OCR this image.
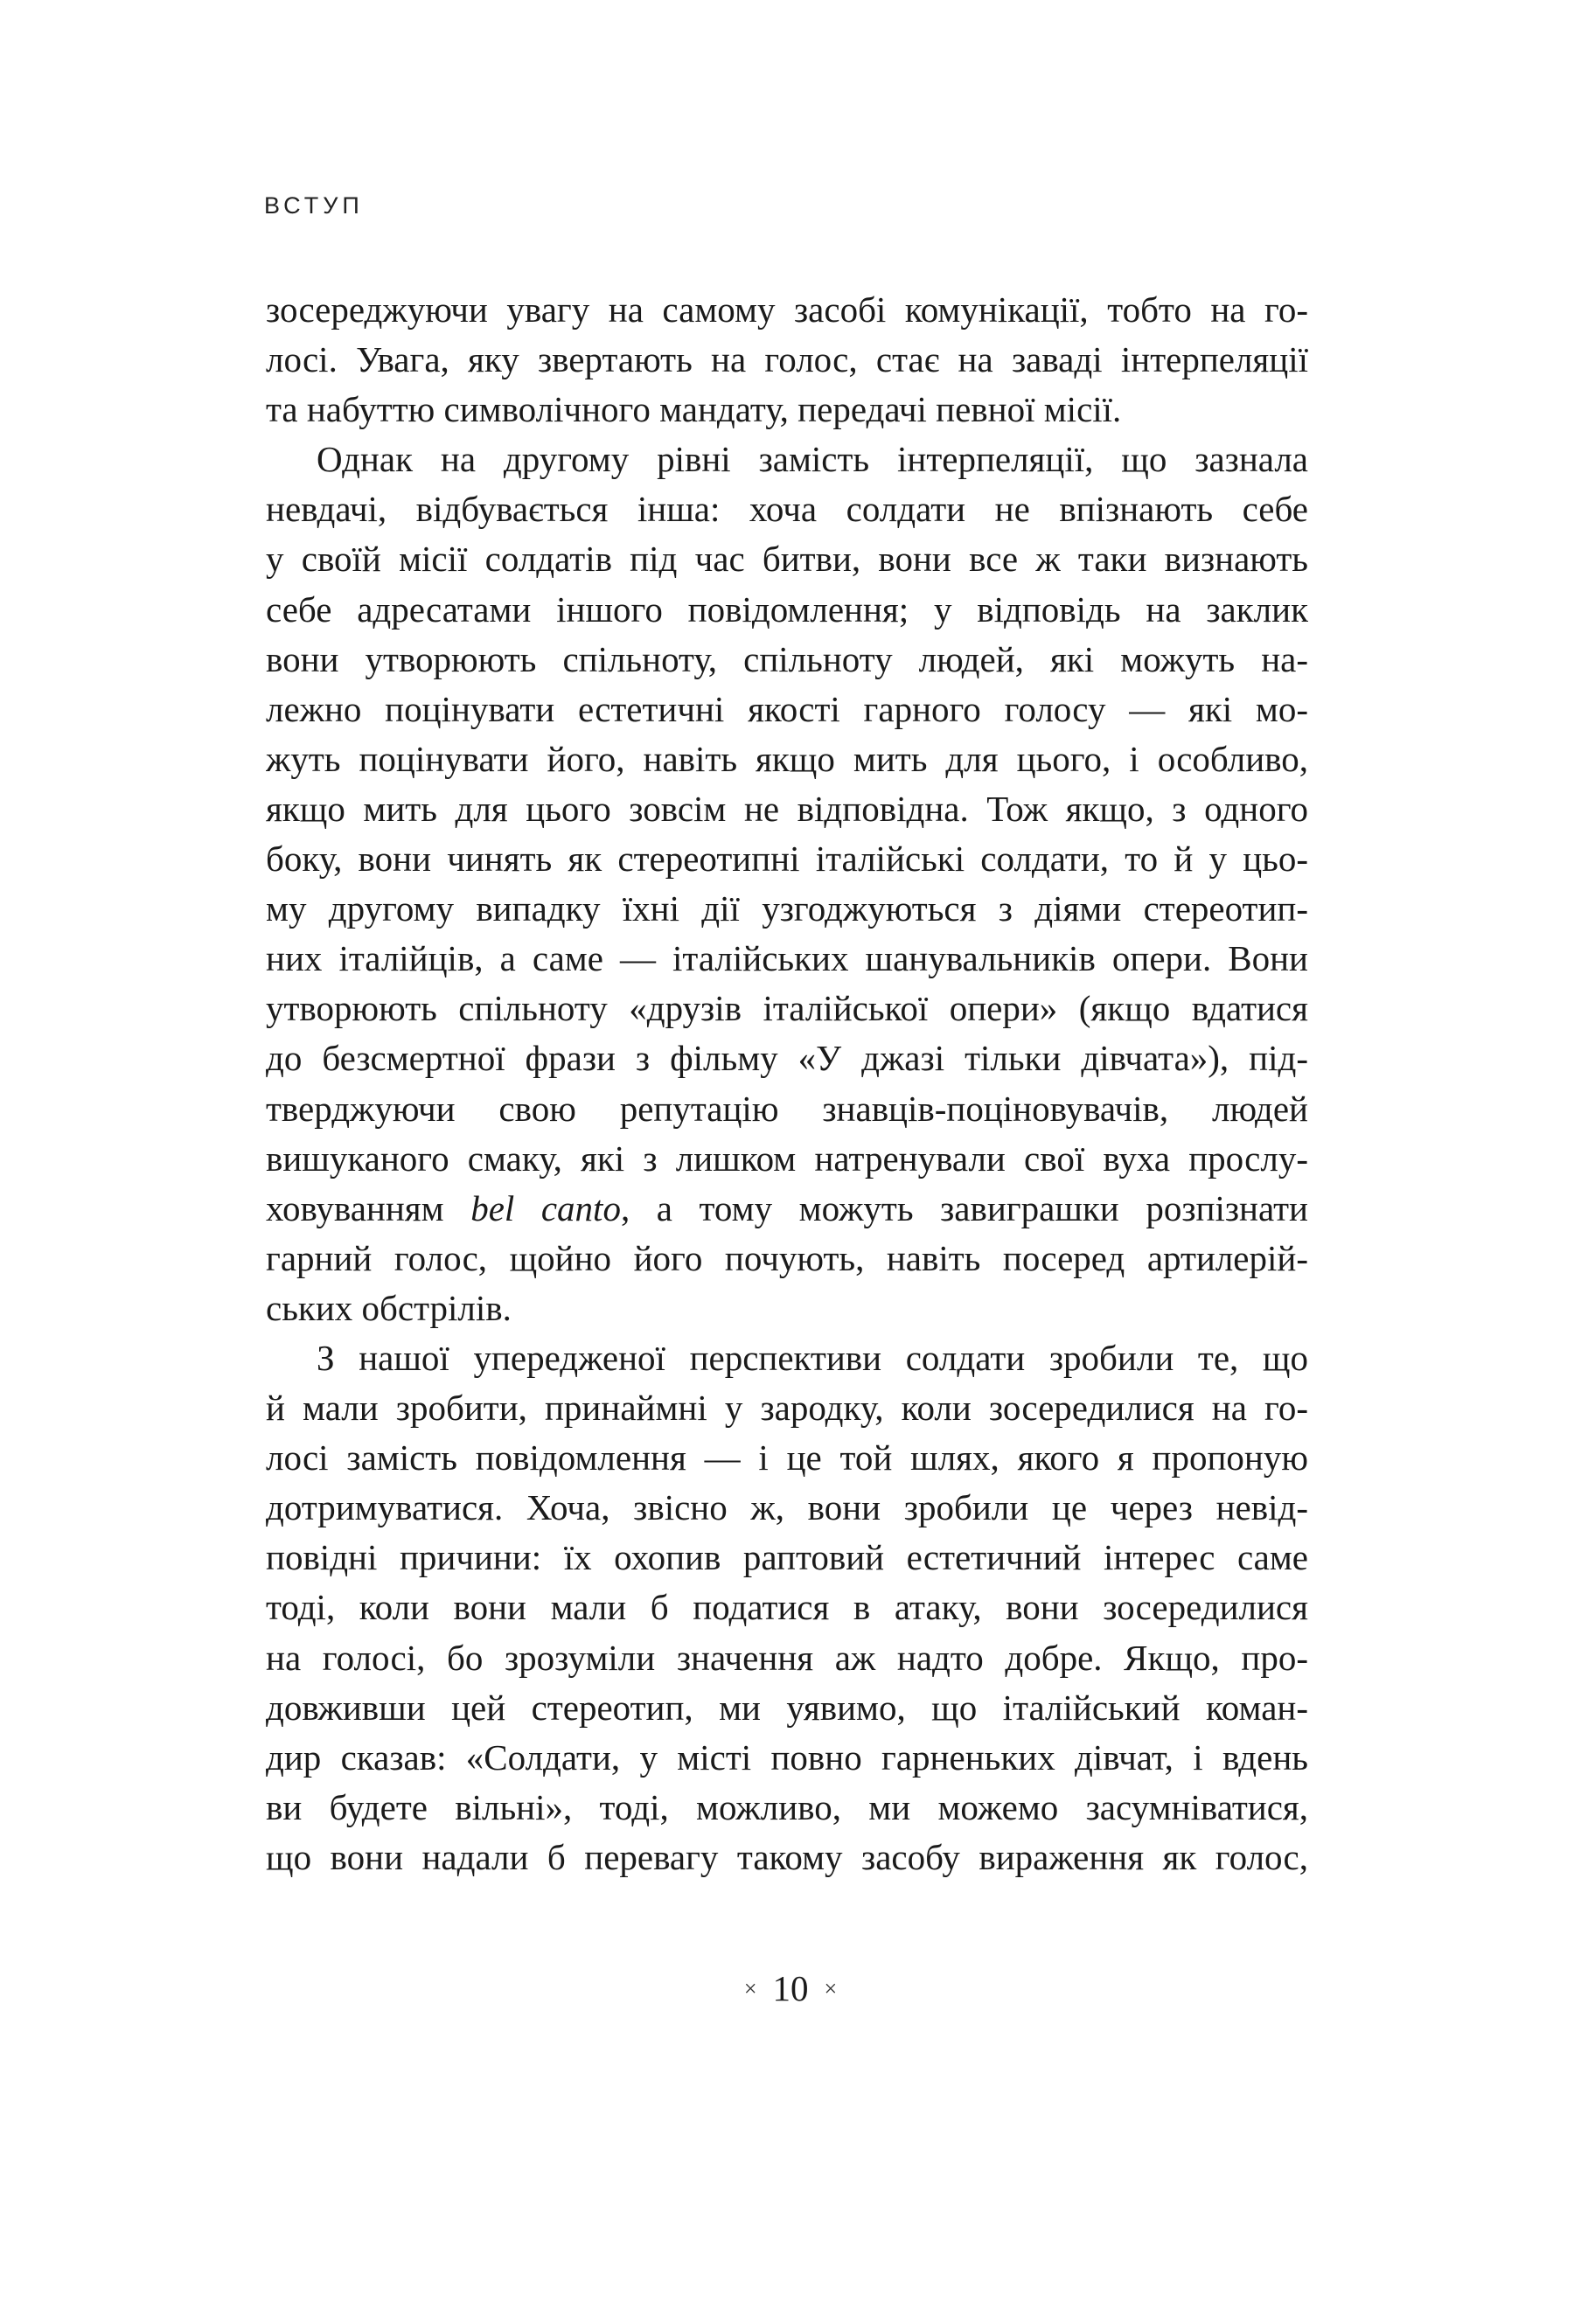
ВСТУП
зосереджуючи увагу на самому засобі комунікації, тобто на го-
лосі. Увага, яку звертають на голос, стає на заваді інтерпеляції
та набуттю символічного мандату, передачі певної місії.
Однак на другому рівні замість інтерпеляції, що зазнала
невдачі, відбувається інша: хоча солдати не впізнають себе
у своїй місії солдатів під час битви, вони все ж таки визнають
себе адресатами іншого повідомлення; у відповідь на заклик
вони утворюють спільноту, спільноту людей, які можуть на-
лежно поцінувати естетичні якості гарного голосу — які мо-
жуть поцінувати його, навіть якщо мить для цього, і особливо,
якщо мить для цього зовсім не відповідна. Тож якщо, з одного
боку, вони чинять як стереотипні італійські солдати, то й у цьо-
му другому випадку їхні дії узгоджуються з діями стереотип-
них італійців, а саме — італійських шанувальників опери. Вони
утворюють спільноту «друзів італійської опери» (якщо вдатися
до безсмертної фрази з фільму «У джазі тільки дівчата»), під-
тверджуючи свою репутацію знавців-поціновувачів, людей
вишуканого смаку, які з лишком натренували свої вуха прослу-
ховуванням bel canto, а тому можуть завиграшки розпізнати
гарний голос, щойно його почують, навіть посеред артилерій-
ських обстрілів.
З нашої упередженої перспективи солдати зробили те, що
й мали зробити, принаймні у зародку, коли зосередилися на го-
лосі замість повідомлення — і це той шлях, якого я пропоную
дотримуватися. Хоча, звісно ж, вони зробили це через невід-
повідні причини: їх охопив раптовий естетичний інтерес саме
тоді, коли вони мали б податися в атаку, вони зосередилися
на голосі, бо зрозуміли значення аж надто добре. Якщо, про-
довживши цей стереотип, ми уявимо, що італійський коман-
дир сказав: «Солдати, у місті повно гарненьких дівчат, і вдень
ви будете вільні», тоді, можливо, ми можемо засумніватися,
що вони надали б перевагу такому засобу вираження як голос,
× 10 ×
